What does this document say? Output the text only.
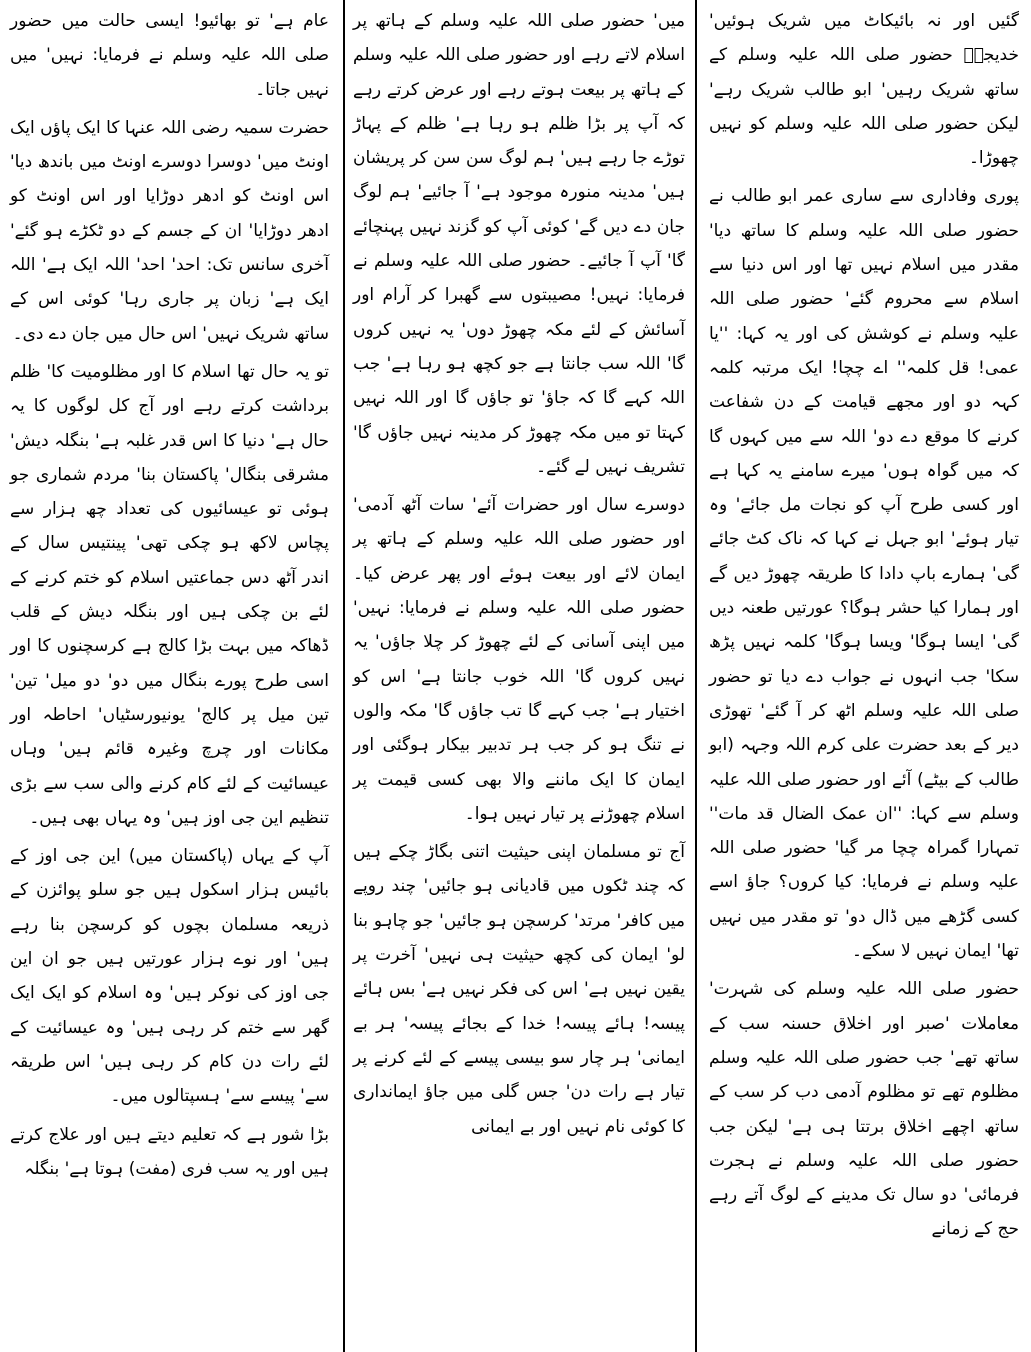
گئیں اور نہ بائیکاٹ میں شریک ہوئیں' خدیجہؓ حضور صلی اللہ علیہ وسلم کے ساتھ شریک رہیں' ابو طالب شریک رہے' لیکن حضور صلی اللہ علیہ وسلم کو نہیں چھوڑا۔

پوری وفاداری سے ساری عمر ابو طالب نے حضور صلی اللہ علیہ وسلم کا ساتھ دیا' مقدر میں اسلام نہیں تھا اور اس دنیا سے اسلام سے محروم گئے' حضور صلی اللہ علیہ وسلم نے کوشش کی اور یہ کہا: ''یا عمی! قل کلمہ'' اے چچا! ایک مرتبہ کلمہ کہہ دو اور مجھے قیامت کے دن شفاعت کرنے کا موقع دے دو' اللہ سے میں کہوں گا کہ میں گواہ ہوں' میرے سامنے یہ کہا ہے اور کسی طرح آپ کو نجات مل جائے' وہ تیار ہوئے' ابو جہل نے کہا کہ ناک کٹ جائے گی' ہمارے باپ دادا کا طریقہ چھوڑ دیں گے اور ہمارا کیا حشر ہوگا؟ عورتیں طعنہ دیں گی' ایسا ہوگا' ویسا ہوگا' کلمہ نہیں پڑھ سکا' جب انہوں نے جواب دے دیا تو حضور صلی اللہ علیہ وسلم اٹھ کر آ گئے' تھوڑی دیر کے بعد حضرت علی کرم اللہ وجہہ (ابو طالب کے بیٹے) آئے اور حضور صلی اللہ علیہ وسلم سے کہا: ''ان عمک الضال قد مات'' تمہارا گمراہ چچا مر گیا' حضور صلی اللہ علیہ وسلم نے فرمایا: کیا کروں؟ جاؤ اسے کسی گڑھے میں ڈال دو' تو مقدر میں نہیں تھا' ایمان نہیں لا سکے۔

حضور صلی اللہ علیہ وسلم کی شہرت' معاملات 'صبر اور اخلاق حسنہ سب کے ساتھ تھے' جب حضور صلی اللہ علیہ وسلم مظلوم تھے تو مظلوم آدمی دب کر سب کے ساتھ اچھے اخلاق برتتا ہی ہے' لیکن جب حضور صلی اللہ علیہ وسلم نے ہجرت فرمائی' دو سال تک مدینے کے لوگ آتے رہے حج کے زمانے

میں' حضور صلی اللہ علیہ وسلم کے ہاتھ پر اسلام لاتے رہے اور حضور صلی اللہ علیہ وسلم کے ہاتھ پر بیعت ہوتے رہے اور عرض کرتے رہے کہ آپ پر بڑا ظلم ہو رہا ہے' ظلم کے پہاڑ توڑے جا رہے ہیں' ہم لوگ سن سن کر پریشان ہیں' مدینہ منورہ موجود ہے' آ جائیے' ہم لوگ جان دے دیں گے' کوئی آپ کو گزند نہیں پہنچائے گا' آپ آ جائیے۔ حضور صلی اللہ علیہ وسلم نے فرمایا: نہیں! مصیبتوں سے گھبرا کر آرام اور آسائش کے لئے مکہ چھوڑ دوں' یہ نہیں کروں گا' اللہ سب جانتا ہے جو کچھ ہو رہا ہے' جب اللہ کہے گا کہ جاؤ' تو جاؤں گا اور اللہ نہیں کہتا تو میں مکہ چھوڑ کر مدینہ نہیں جاؤں گا' تشریف نہیں لے گئے۔

دوسرے سال اور حضرات آئے' سات آٹھ آدمی' اور حضور صلی اللہ علیہ وسلم کے ہاتھ پر ایمان لائے اور بیعت ہوئے اور پھر عرض کیا۔ حضور صلی اللہ علیہ وسلم نے فرمایا: نہیں' میں اپنی آسانی کے لئے چھوڑ کر چلا جاؤں' یہ نہیں کروں گا' اللہ خوب جانتا ہے' اس کو اختیار ہے' جب کہے گا تب جاؤں گا' مکہ والوں نے تنگ ہو کر جب ہر تدبیر بیکار ہوگئی اور ایمان کا ایک ماننے والا بھی کسی قیمت پر اسلام چھوڑنے پر تیار نہیں ہوا۔

آج تو مسلمان اپنی حیثیت اتنی بگاڑ چکے ہیں کہ چند ٹکوں میں قادیانی ہو جائیں' چند روپے میں کافر' مرتد' کرسچن ہو جائیں' جو چاہو بنا لو' ایمان کی کچھ حیثیت ہی نہیں' آخرت پر یقین نہیں ہے' اس کی فکر نہیں ہے' بس ہائے پیسہ! ہائے پیسہ! خدا کے بجائے پیسہ' ہر بے ایمانی' ہر چار سو بیسی پیسے کے لئے کرنے پر تیار ہے رات دن' جس گلی میں جاؤ ایمانداری کا کوئی نام نہیں اور بے ایمانی

عام ہے' تو بھائیو! ایسی حالت میں حضور صلی اللہ علیہ وسلم نے فرمایا: نہیں' میں نہیں جاتا۔

حضرت سمیہ رضی اللہ عنہا کا ایک پاؤں ایک اونٹ میں' دوسرا دوسرے اونٹ میں باندھ دیا' اس اونٹ کو ادھر دوڑایا اور اس اونٹ کو ادھر دوڑایا' ان کے جسم کے دو ٹکڑے ہو گئے' آخری سانس تک: احد' احد' اللہ ایک ہے' اللہ ایک ہے' زبان پر جاری رہا' کوئی اس کے ساتھ شریک نہیں' اس حال میں جان دے دی۔

تو یہ حال تھا اسلام کا اور مظلومیت کا' ظلم برداشت کرتے رہے اور آج کل لوگوں کا یہ حال ہے' دنیا کا اس قدر غلبہ ہے' بنگلہ دیش' مشرقی بنگال' پاکستان بنا' مردم شماری جو ہوئی تو عیسائیوں کی تعداد چھ ہزار سے پچاس لاکھ ہو چکی تھی' پینتیس سال کے اندر آٹھ دس جماعتیں اسلام کو ختم کرنے کے لئے بن چکی ہیں اور بنگلہ دیش کے قلب ڈھاکہ میں بہت بڑا کالج ہے کرسچنوں کا اور اسی طرح پورے بنگال میں دو' دو میل' تین' تین میل پر کالج' یونیورسٹیاں' احاطہ اور مکانات اور چرچ وغیرہ قائم ہیں' وہاں عیسائیت کے لئے کام کرنے والی سب سے بڑی تنظیم این جی اوز ہیں' وہ یہاں بھی ہیں۔

آپ کے یہاں (پاکستان میں) این جی اوز کے بائیس ہزار اسکول ہیں جو سلو پوائزن کے ذریعہ مسلمان بچوں کو کرسچن بنا رہے ہیں' اور نوے ہزار عورتیں ہیں جو ان این جی اوز کی نوکر ہیں' وہ اسلام کو ایک ایک گھر سے ختم کر رہی ہیں' وہ عیسائیت کے لئے رات دن کام کر رہی ہیں' اس طریقہ سے' پیسے سے' ہسپتالوں میں۔

بڑا شور ہے کہ تعلیم دیتے ہیں اور علاج کرتے ہیں اور یہ سب فری (مفت) ہوتا ہے' بنگلہ
